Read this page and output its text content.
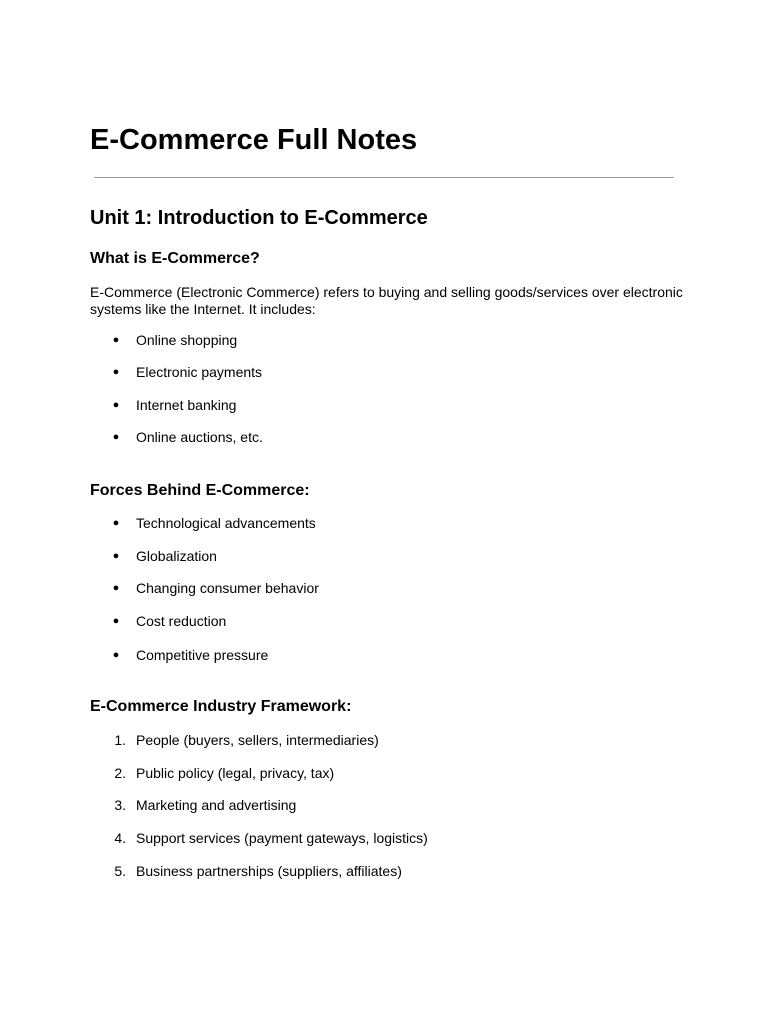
E-Commerce Full Notes
Unit 1: Introduction to E-Commerce
What is E-Commerce?

E-Commerce (Electronic Commerce) refers to buying and selling goods/services over electronic systems like the Internet. It includes:

●	Online shopping
●	Electronic payments
●	Internet banking
●	Online auctions, etc.
Forces Behind E-Commerce:
●	Technological advancements
●	Globalization
●	Changing consumer behavior
●	Cost reduction
●	Competitive pressure
E-Commerce Industry Framework:
1. People (buyers, sellers, intermediaries)
2. Public policy (legal, privacy, tax)
3. Marketing and advertising
4. Support services (payment gateways, logistics)
5. Business partnerships (suppliers, affiliates)
